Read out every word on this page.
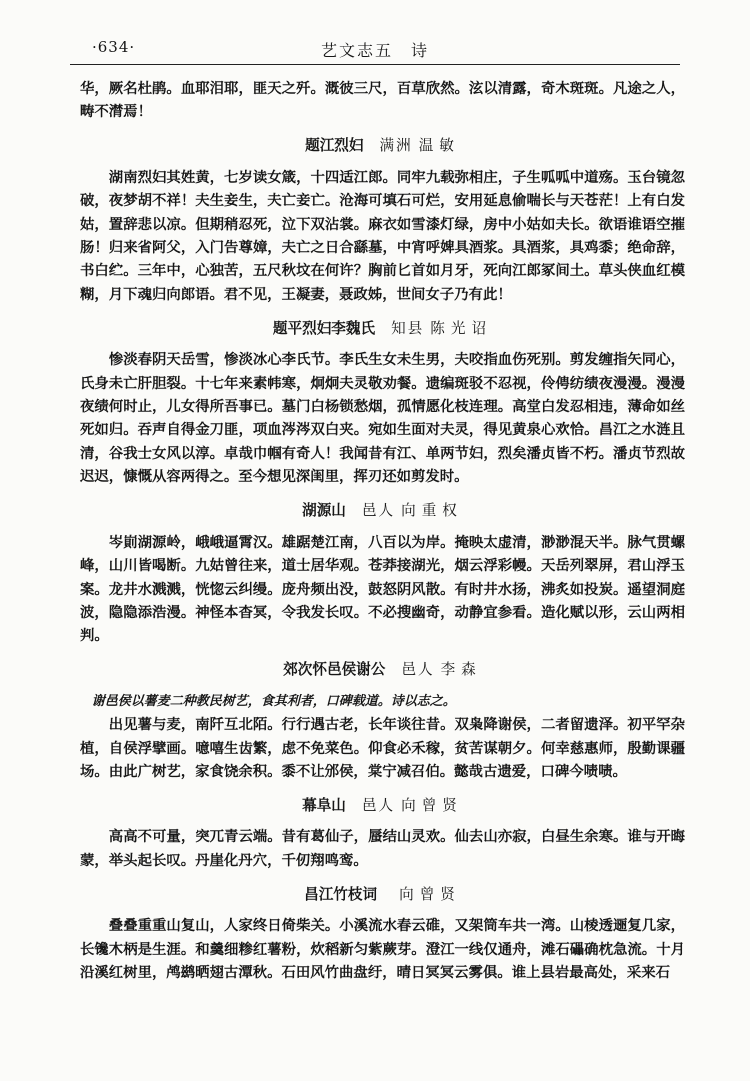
·634·	艺文志五　诗

华，厥名杜鹃。血耶泪耶，匪天之歼。溉彼三尺，百草欣然。泫以清露，奇木斑斑。凡途之人，畴不潸焉！

题江烈妇 满洲 温敏

湖南烈妇其姓黄，七岁读女箴，十四适江郎。同牢九载弥相庄，子生呱呱中道殇。玉台镜忽破，夜梦胡不祥！夫生妾生，夫亡妾亡。沧海可填石可烂，安用延息偷喘长与天苍茫！上有白发姑，置辞悲以凉。但期稍忍死，泣下双沾裳。麻衣如雪漆灯绿，房中小姑如夫长。欲语谁语空摧肠！归来省阿父，入门告尊嫜，夫亡之日合繇墓，中宵呼婢具酒浆。具酒浆，具鸡黍；绝命辞，书白纻。三年中，心独苦，五尺秋坟在何许？胸前匕首如月牙，死向江郎冢间土。草头侠血红模糊，月下魂归向郎语。君不见，王凝妻，聂政姊，世间女子乃有此！

题平烈妇李魏氏 知县 陈光诏

惨淡春阴天岳雪，惨淡冰心李氏节。李氏生女未生男，夫咬指血伤死别。剪发缠指矢同心，氏身未亡肝胆裂。十七年来素帏寒，炯炯夫灵敬劝餐。遗编斑驳不忍视，伶俜纺绩夜漫漫。漫漫夜绩何时止，儿女得所吾事已。墓门白杨锁愁烟，孤情愿化枝连理。高堂白发忍相违，薄命如丝死如归。吞声自得金刀匪，项血涔涔双白夹。宛如生面对夫灵，得见黄泉心欢恰。昌江之水涟且清，谷我士女风以淳。卓哉巾帼有奇人！我闻昔有江、单两节妇，烈矣潘贞皆不朽。潘贞节烈故迟迟，慷慨从容两得之。至今想见深闺里，挥刃还如剪发时。

湖源山 邑人 向重权

岑崱湖源岭，峨峨逼霄汉。雄踞楚江南，八百以为岸。掩映太虚清，渺渺混天半。脉气贯螺峰，山川皆喝断。九姑曾往来，道士居华观。苍莽接湖光，烟云浮彩幔。天岳列翠屏，君山浮玉案。龙井水溅溅，恍惚云纠缦。庞舟频出没，鼓怒阴风散。有时井水扬，沸炙如投炭。遥望洞庭波，隐隐添浩漫。神怪本杳冥，令我发长叹。不必搜幽奇，动静宜参看。造化赋以形，云山两相判。

郊次怀邑侯谢公 邑人 李森

谢邑侯以薯麦二种教民树艺，食其利者，口碑载道。诗以志之。

出见薯与麦，南阡互北陌。行行遇古老，长年谈往昔。双枭降谢侯，二者留遗泽。初平罕杂植，自侯浮擘画。噫嘻生齿繁，虑不免菜色。仰食必禾稼，贫苦谋朝夕。何幸慈惠师，殷勤课疆场。由此广树艺，家食饶余积。黍不让邠侯，棠宁减召伯。懿哉古遗爱，口碑今啧啧。

幕阜山 邑人 向曾贤

高高不可量，突兀青云端。昔有葛仙子，蜃结山灵欢。仙去山亦寂，白昼生余寒。谁与开晦蒙，举头起长叹。丹崖化丹穴，千仞翔鸣鸾。

昌江竹枝词	向曾贤

叠叠重重山复山，人家终日倚柴关。小溪流水春云碓，又架筒车共一湾。山棱透逦复几家，长镵木柄是生涯。和羹细糁红薯粉，炊稻新匀紫蕨芽。澄江一线仅通舟，滩石礧确枕急流。十月沿溪红树里，鸬鹚晒翅古潭秋。石田风竹曲盘纡，晴日冥冥云雾俱。谁上县岩最高处，采来石
